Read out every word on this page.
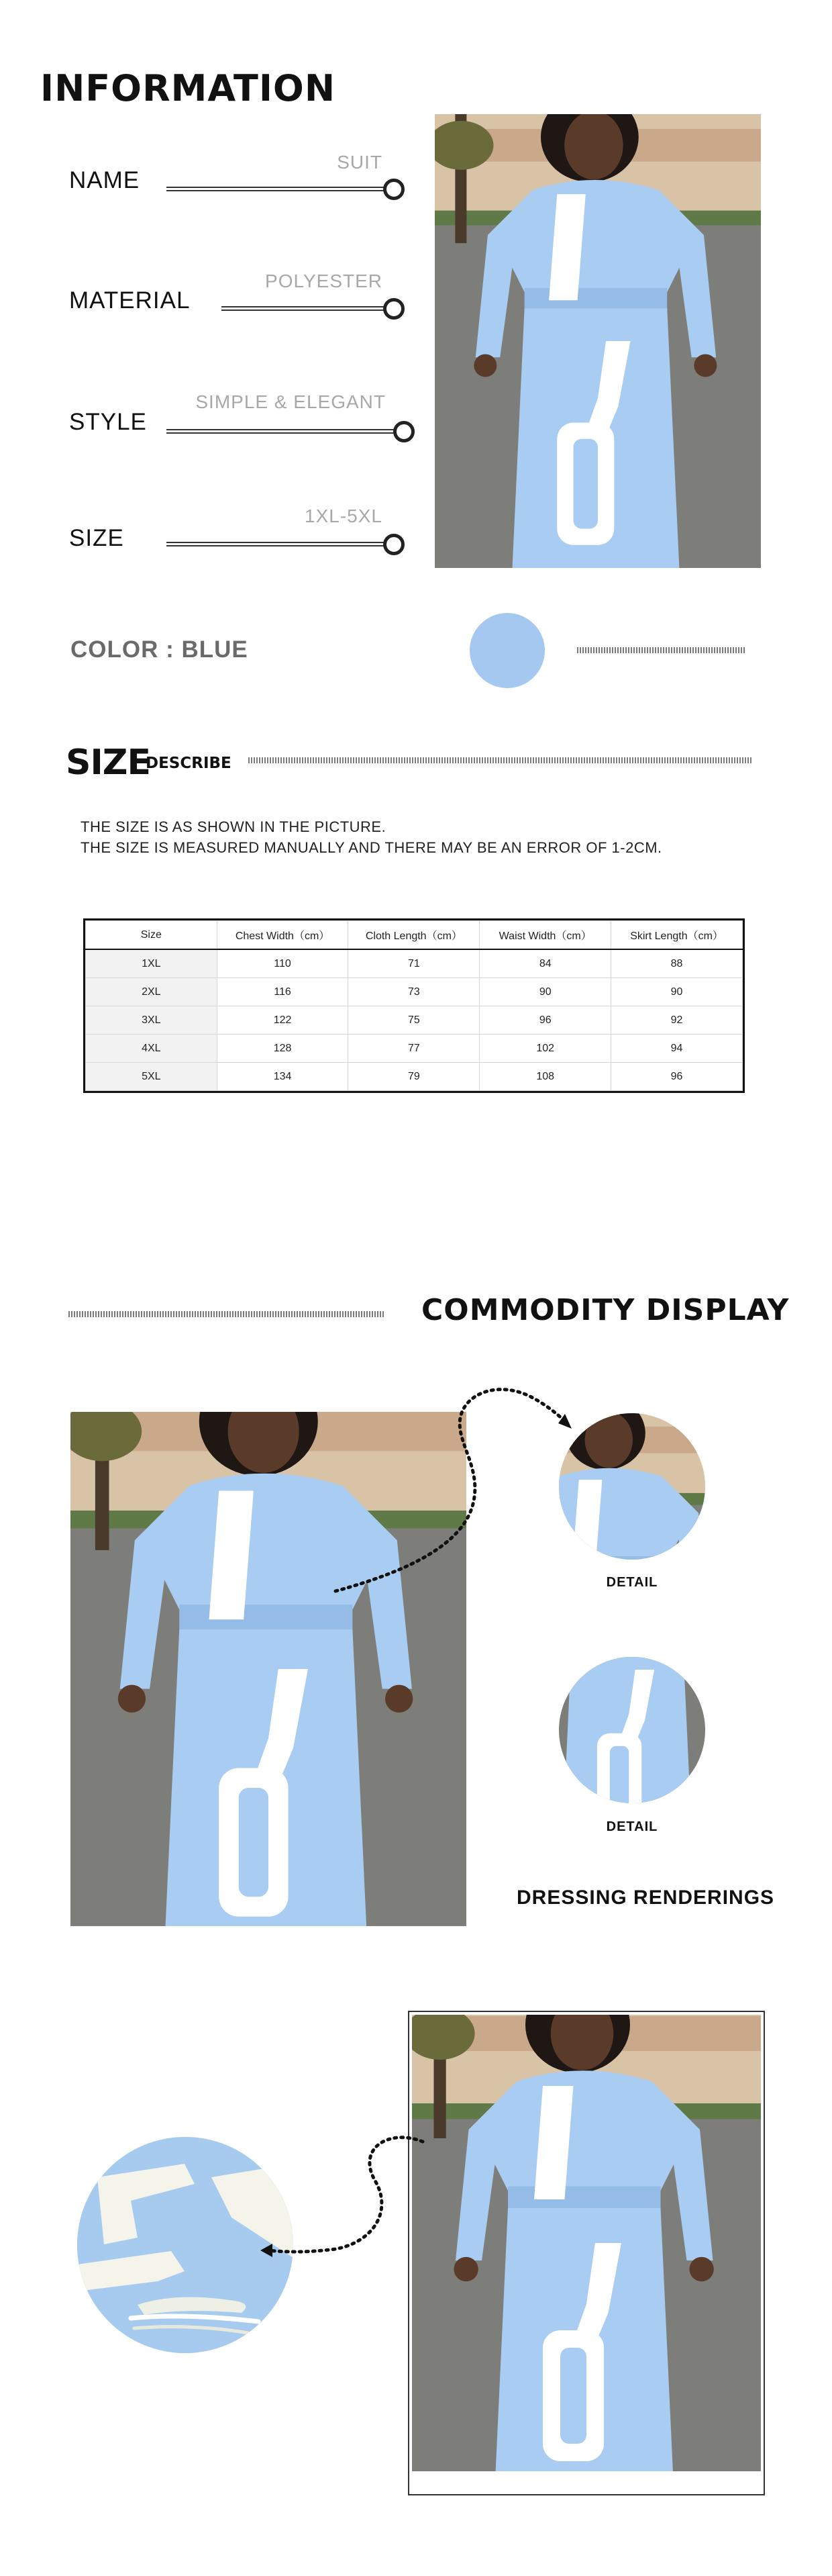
INFORMATION
SUIT
NAME
POLYESTER
MATERIAL
SIMPLE & ELEGANT
STYLE
1XL-5XL
SIZE
COLOR : BLUE
SIZE
DESCRIBE
THE SIZE IS AS SHOWN IN THE PICTURE.
THE SIZE IS MEASURED MANUALLY AND THERE MAY BE AN ERROR OF 1-2CM.
Size	Chest Width（cm）	Cloth Length（cm）	Waist Width（cm）	Skirt Length（cm）
1XL	110	71	84	88
2XL	116	73	90	90
3XL	122	75	96	92
4XL	128	77	102	94
5XL	134	79	108	96
COMMODITY DISPLAY
DETAIL
DETAIL
DRESSING RENDERINGS
